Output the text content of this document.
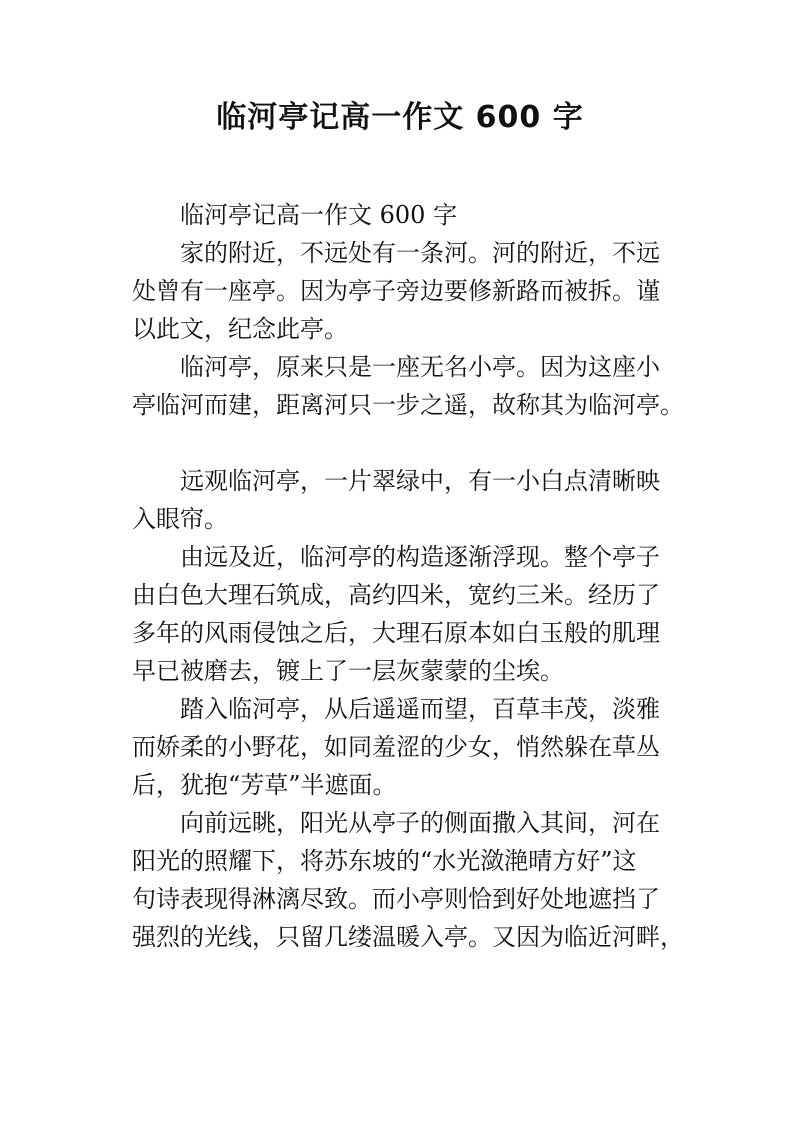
临河亭记高一作文 600 字

临河亭记高一作文 600 字

家的附近，不远处有一条河。河的附近，不远
处曾有一座亭。因为亭子旁边要修新路而被拆。谨
以此文，纪念此亭。

临河亭，原来只是一座无名小亭。因为这座小
亭临河而建，距离河只一步之遥，故称其为临河亭。

远观临河亭，一片翠绿中，有一小白点清晰映
入眼帘。

由远及近，临河亭的构造逐渐浮现。整个亭子
由白色大理石筑成，高约四米，宽约三米。经历了
多年的风雨侵蚀之后，大理石原本如白玉般的肌理
早已被磨去，镀上了一层灰蒙蒙的尘埃。

踏入临河亭，从后遥遥而望，百草丰茂，淡雅
而娇柔的小野花，如同羞涩的少女，悄然躲在草丛
后，犹抱“芳草”半遮面。

向前远眺，阳光从亭子的侧面撒入其间，河在
阳光的照耀下，将苏东坡的“水光潋滟晴方好”这
句诗表现得淋漓尽致。而小亭则恰到好处地遮挡了
强烈的光线，只留几缕温暖入亭。又因为临近河畔，
